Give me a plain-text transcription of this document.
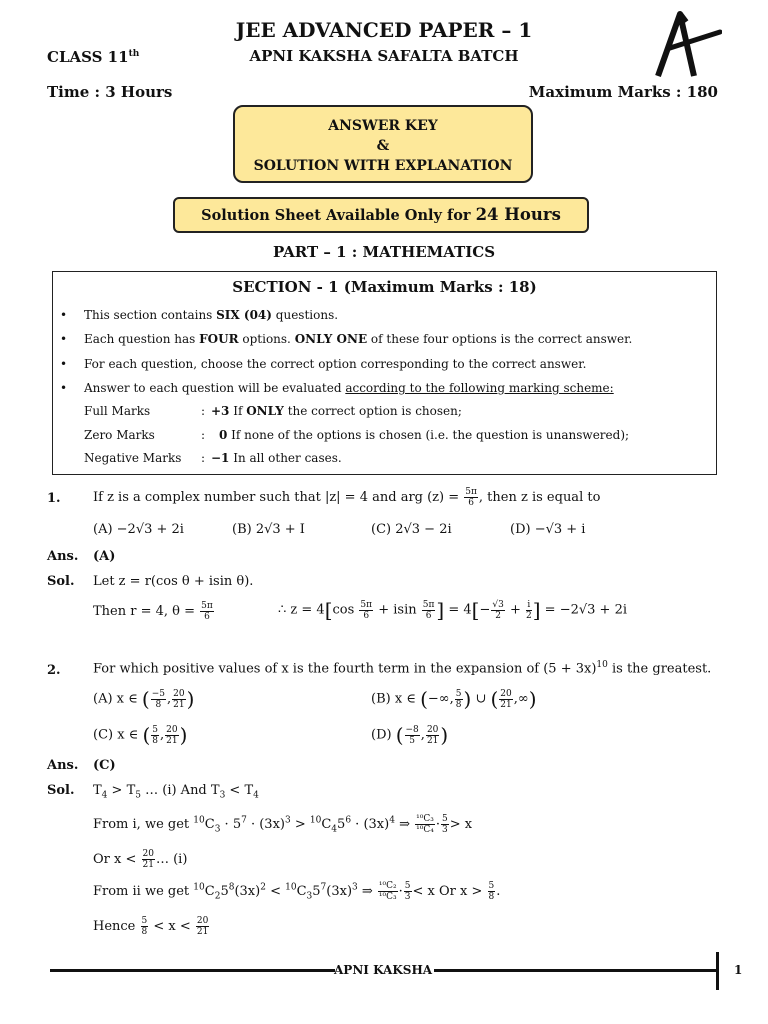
JEE ADVANCED PAPER – 1
CLASS 11th	APNI KAKSHA SAFALTA BATCH
Time : 3 Hours	Maximum Marks : 180
ANSWER KEY
&
SOLUTION WITH EXPLANATION
Solution Sheet Available Only for 24 Hours
PART – 1 : MATHEMATICS
SECTION - 1 (Maximum Marks : 18)
• This section contains SIX (04) questions.
• Each question has FOUR options. ONLY ONE of these four options is the correct answer.
• For each question, choose the correct option corresponding to the correct answer.
• Answer to each question will be evaluated according to the following marking scheme:
Full Marks	: +3 If ONLY the correct option is chosen;
Zero Marks	: 0 If none of the options is chosen (i.e. the question is unanswered);
Negative Marks : −1 In all other cases.
1. If z is a complex number such that |z| = 4 and arg $(z) = \frac{5\pi}{6}$ , then z is equal to
(A) −2√3 + 2i	(B) 2√3 + I	(C) 2√3 − 2i	(D) −√3 + i
Ans. (A)
Sol. Let z = r(cos θ + isin θ).
Then r = 4, $\theta = \frac{5\pi}{6}$	∴ $z = 4[\cos \frac{5\pi}{6} + isin \frac{5\pi}{6}$ ] = $4[- \frac{√3}{2} + \frac{i}{2}$ ] = −2√3 + 2i
2. For which positive values of x is the fourth term in the expansion of $(5 + 3x)^{10}$ is the greatest.
(A) x ∈ ( $\frac{-5}{8}$ , $\frac{20}{21}$ )	(B) x ∈ (−∞, $\frac{5}{8}$ ) ∪ ( $\frac{20}{21}$ ,∞)
(C) x ∈ ( $\frac{5}{8}$ , $\frac{20}{21}$ )	(D) ( $\frac{-8}{5}$ , $\frac{20}{21}$ )
Ans. (C)
Sol. $T_4 > T_5$ … (i) And $T_3 < T_4$
From i, we get $^{10}C_3 \cdot 5^7 \cdot (3x)^3 > ^{10}C_45^6 \cdot (3x)^4$ ⇒ $\frac{\text{¹⁰C₃}}{\text{¹⁰C₄}} \cdot \frac{5}{3} > x$
Or $x < \frac{20}{21}$ … (i)
From ii we get $^{10}C_25^8(3x)^2 < ^{10}C_35^7(3x)^3$ ⇒ $\frac{\text{¹⁰C₂}}{\text{¹⁰C₃}} \cdot \frac{5}{3} < x$ Or $x > \frac{5}{8}$ .
Hence $\frac{5}{8} < x < \frac{20}{21}$
APNI KAKSHA	1
